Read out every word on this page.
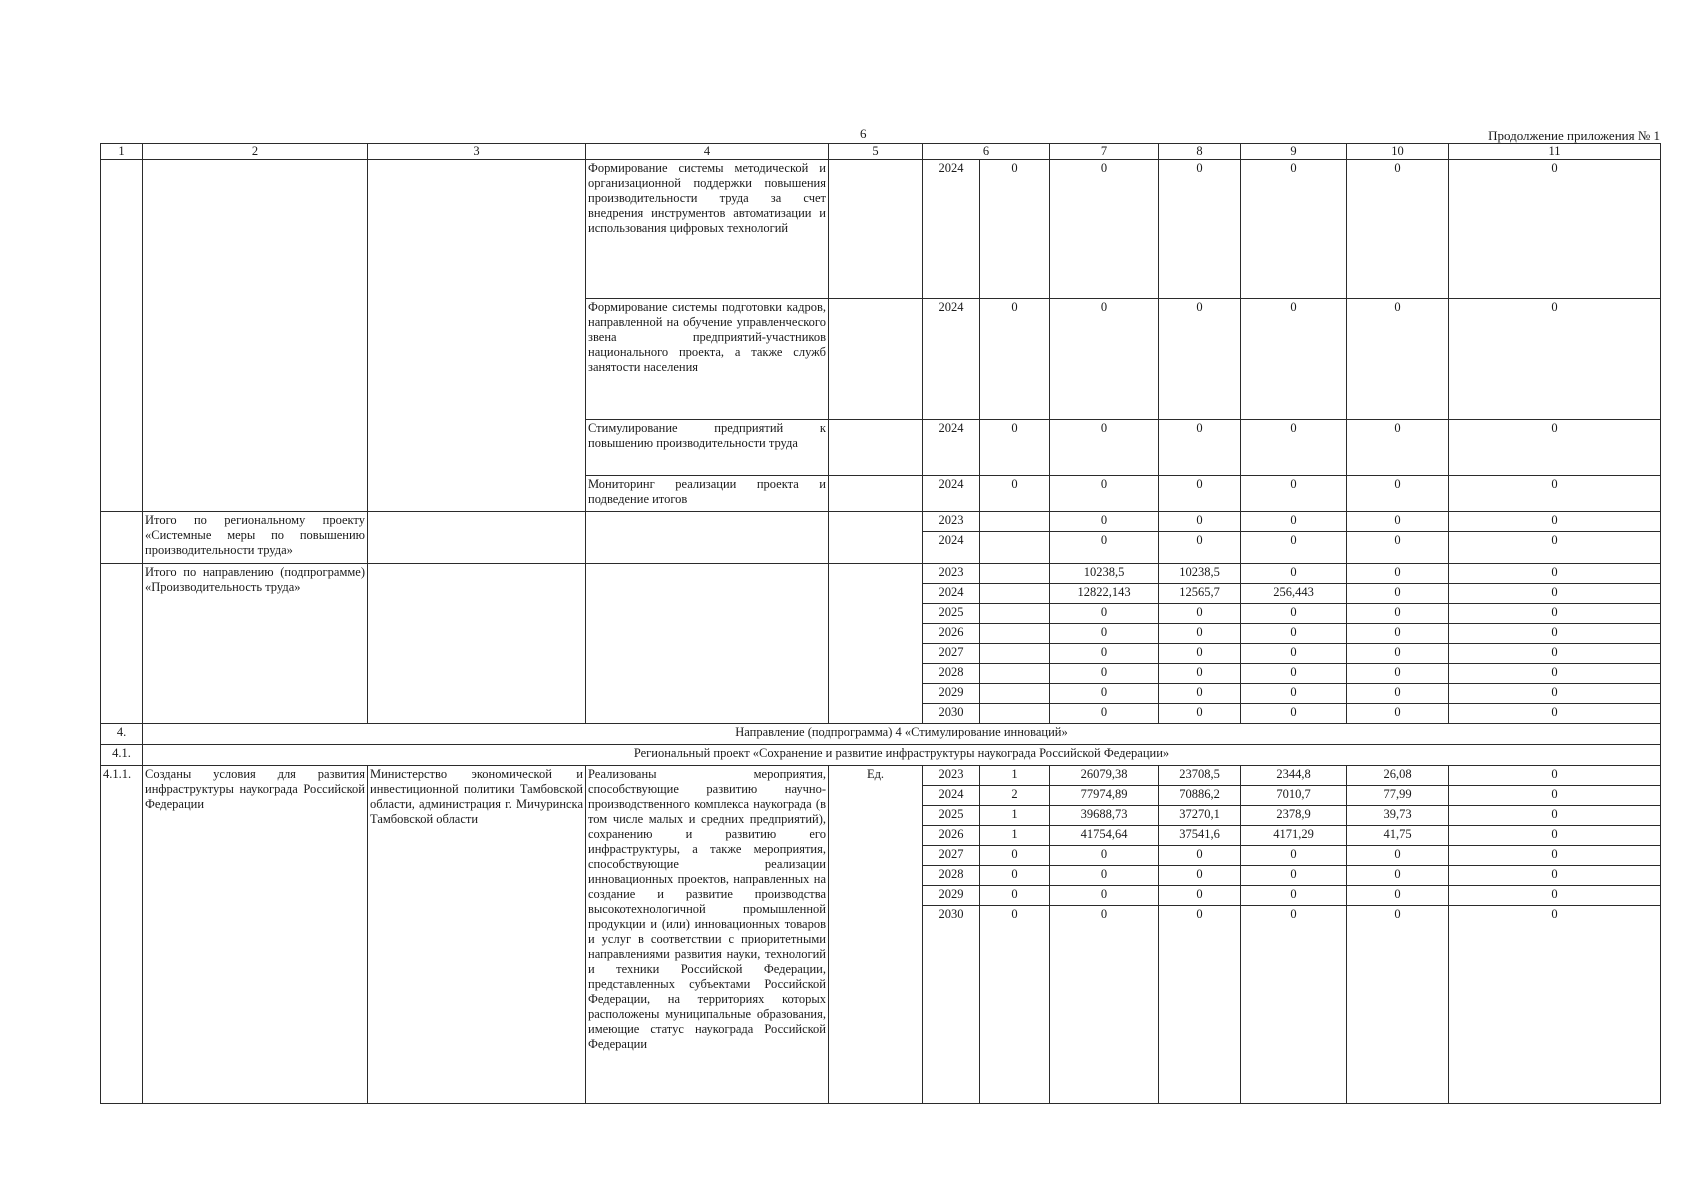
6	Продолжение приложения № 1
1	2	3	4	5	6		7	8	9	10	11
			Формирование системы методической и организационной поддержки повышения производительности труда за счет внедрения инструментов автоматизации и использования цифровых технологий		2024	0	0	0	0	0	0
			Формирование системы подготовки кадров, направленной на обучение управленческого звена предприятий-участников национального проекта, а также служб занятости населения		2024	0	0	0	0	0	0
			Стимулирование предприятий к повышению производительности труда		2024	0	0	0	0	0	0
			Мониторинг реализации проекта и подведение итогов		2024	0	0	0	0	0	0
	Итого по региональному проекту «Системные меры по повышению производительности труда»				2023		0	0	0	0	0
					2024		0	0	0	0	0
	Итого по направлению (подпрограмме) «Производительность труда»				2023		10238,5	10238,5	0	0	0
					2024		12822,143	12565,7	256,443	0	0
					2025		0	0	0	0	0
					2026		0	0	0	0	0
					2027		0	0	0	0	0
					2028		0	0	0	0	0
					2029		0	0	0	0	0
					2030		0	0	0	0	0
4.	Направление (подпрограмма) 4 «Стимулирование инноваций»										
4.1.	Региональный проект «Сохранение и развитие инфраструктуры наукограда Российской Федерации»										
4.1.1.	Созданы условия для развития инфраструктуры наукограда Российской Федерации	Министерство экономической и инвестиционной политики Тамбовской области, администрация г. Мичуринска Тамбовской области	Реализованы мероприятия, способствующие развитию научно-производственного комплекса наукограда (в том числе малых и средних предприятий), сохранению и развитию его инфраструктуры, а также мероприятия, способствующие реализации инновационных проектов, направленных на создание и развитие производства высокотехнологичной промышленной продукции и (или) инновационных товаров и услуг в соответствии с приоритетными направлениями развития науки, технологий и техники Российской Федерации, представленных субъектами Российской Федерации, на территориях которых расположены муниципальные образования, имеющие статус наукограда Российской Федерации	Ед.	2023	1	26079,38	23708,5	2344,8	26,08	0
					2024	2	77974,89	70886,2	7010,7	77,99	0
					2025	1	39688,73	37270,1	2378,9	39,73	0
					2026	1	41754,64	37541,6	4171,29	41,75	0
					2027	0	0	0	0	0	0
					2028	0	0	0	0	0	0
					2029	0	0	0	0	0	0
					2030	0	0	0	0	0	0
